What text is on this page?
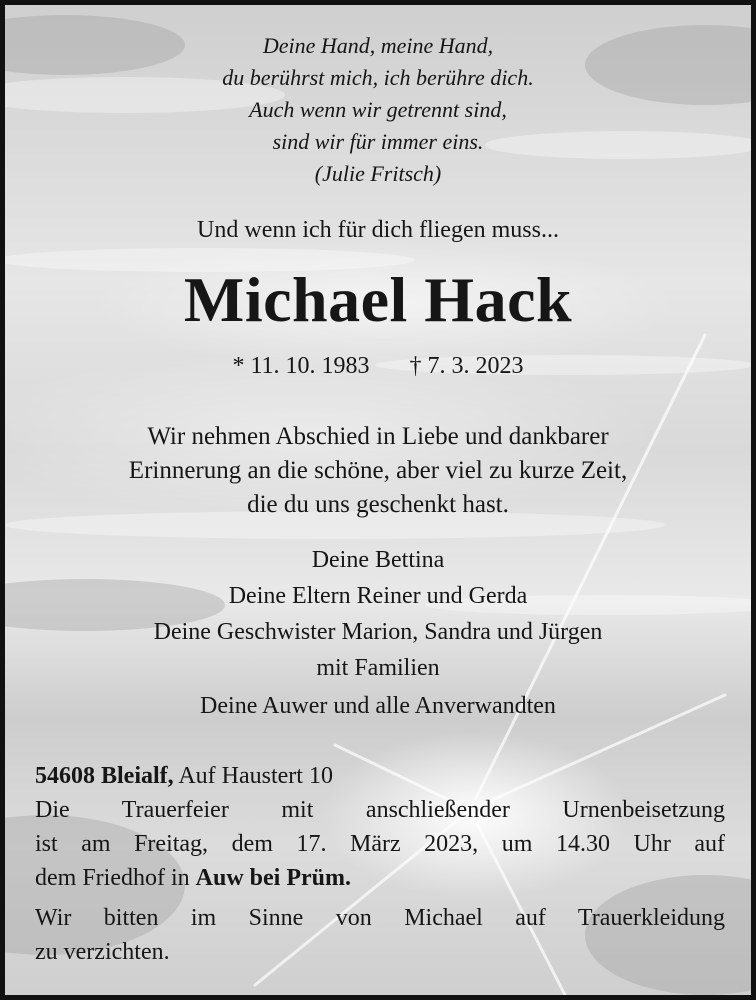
Deine Hand, meine Hand,
du berührst mich, ich berühre dich.
Auch wenn wir getrennt sind,
sind wir für immer eins.
(Julie Fritsch)
Und wenn ich für dich fliegen muss...
Michael Hack
* 11. 10. 1983 † 7. 3. 2023
Wir nehmen Abschied in Liebe und dankbarer
Erinnerung an die schöne, aber viel zu kurze Zeit,
die du uns geschenkt hast.
Deine Bettina
Deine Eltern Reiner und Gerda
Deine Geschwister Marion, Sandra und Jürgen
mit Familien
Deine Auwer und alle Anverwandten
54608 Bleialf, Auf Haustert 10
Die Trauerfeier mit anschließender Urnenbeisetzung
ist am Freitag, dem 17. März 2023, um 14.30 Uhr auf
dem Friedhof in Auw bei Prüm.
Wir bitten im Sinne von Michael auf Trauerkleidung
zu verzichten.
